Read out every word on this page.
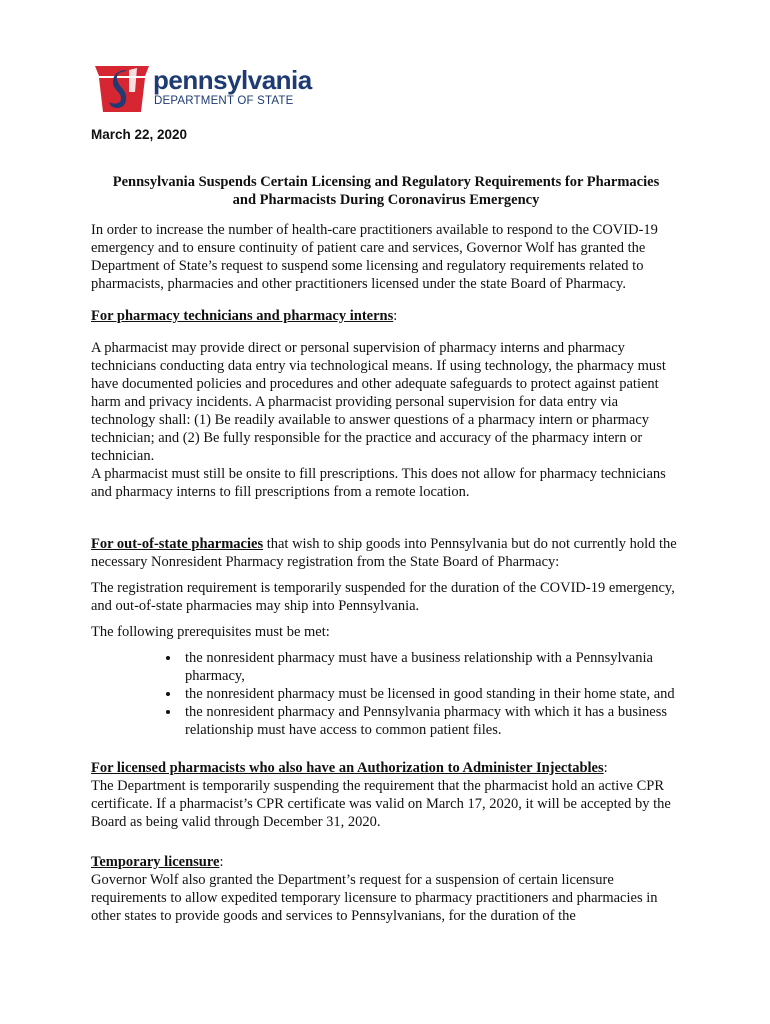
pennsylvania
DEPARTMENT OF STATE

March 22, 2020

Pennsylvania Suspends Certain Licensing and Regulatory Requirements for Pharmacies
and Pharmacists During Coronavirus Emergency

In order to increase the number of health-care practitioners available to respond to the COVID-19 emergency and to ensure continuity of patient care and services, Governor Wolf has granted the Department of State’s request to suspend some licensing and regulatory requirements related to pharmacists, pharmacies and other practitioners licensed under the state Board of Pharmacy.

For pharmacy technicians and pharmacy interns:

A pharmacist may provide direct or personal supervision of pharmacy interns and pharmacy technicians conducting data entry via technological means. If using technology, the pharmacy must have documented policies and procedures and other adequate safeguards to protect against patient harm and privacy incidents. A pharmacist providing personal supervision for data entry via technology shall: (1) Be readily available to answer questions of a pharmacy intern or pharmacy technician; and (2) Be fully responsible for the practice and accuracy of the pharmacy intern or technician.

A pharmacist must still be onsite to fill prescriptions. This does not allow for pharmacy technicians and pharmacy interns to fill prescriptions from a remote location.

For out-of-state pharmacies that wish to ship goods into Pennsylvania but do not currently hold the necessary Nonresident Pharmacy registration from the State Board of Pharmacy:

The registration requirement is temporarily suspended for the duration of the COVID-19 emergency, and out-of-state pharmacies may ship into Pennsylvania.

The following prerequisites must be met:

• the nonresident pharmacy must have a business relationship with a Pennsylvania pharmacy,
• the nonresident pharmacy must be licensed in good standing in their home state, and
• the nonresident pharmacy and Pennsylvania pharmacy with which it has a business relationship must have access to common patient files.

For licensed pharmacists who also have an Authorization to Administer Injectables:

The Department is temporarily suspending the requirement that the pharmacist hold an active CPR certificate. If a pharmacist’s CPR certificate was valid on March 17, 2020, it will be accepted by the Board as being valid through December 31, 2020.

Temporary licensure:

Governor Wolf also granted the Department’s request for a suspension of certain licensure requirements to allow expedited temporary licensure to pharmacy practitioners and pharmacies in other states to provide goods and services to Pennsylvanians, for the duration of the
